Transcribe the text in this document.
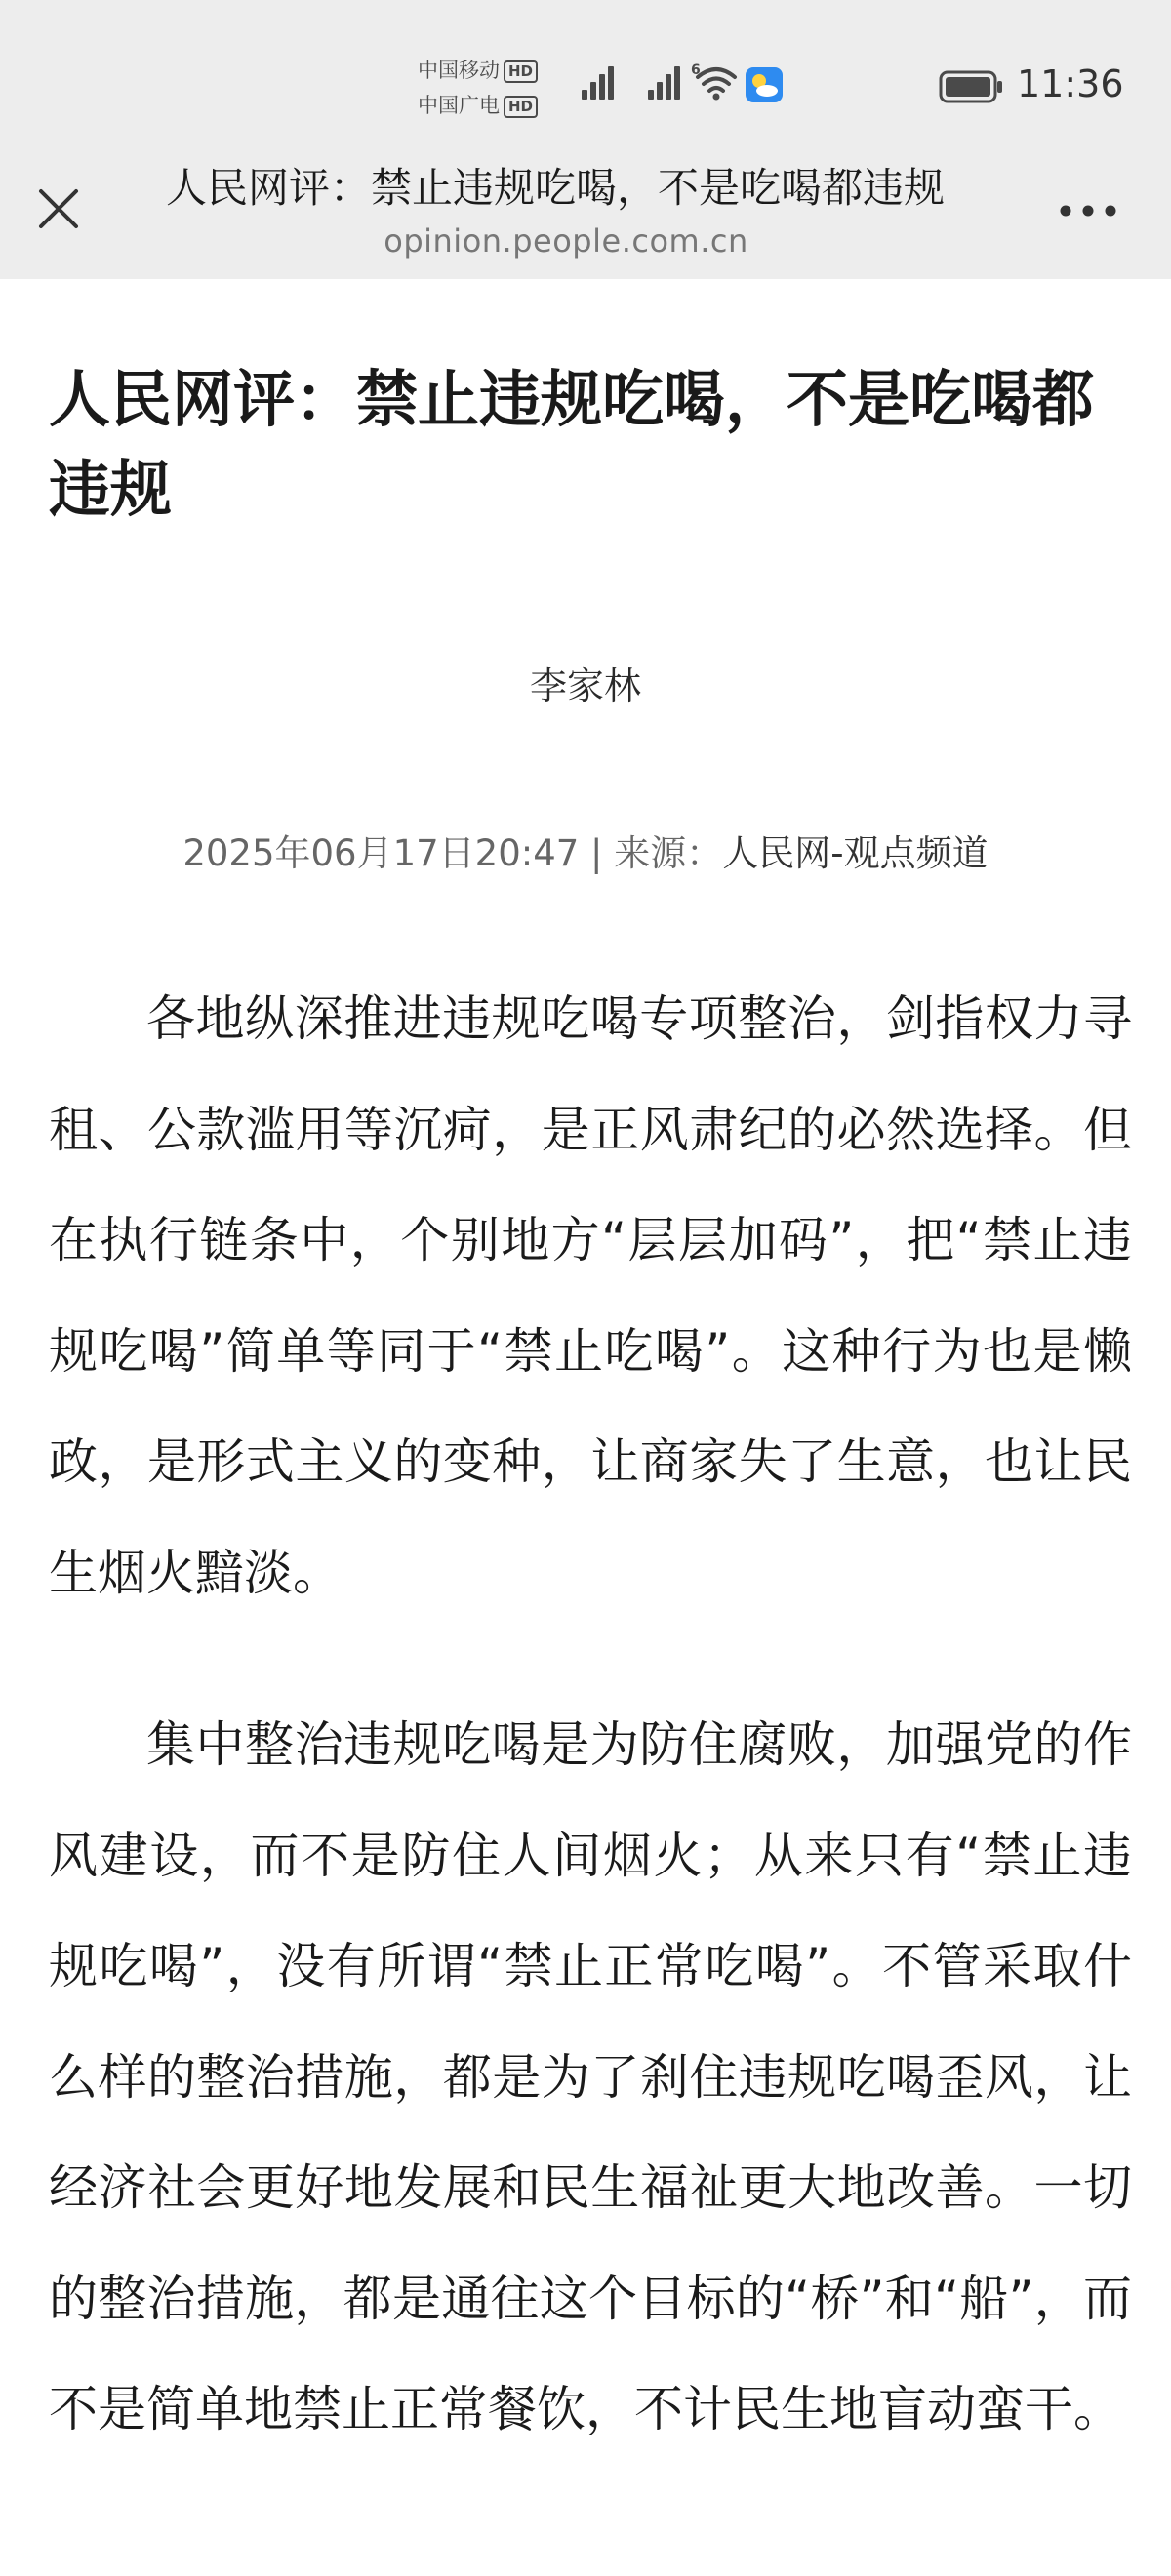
中国移动 HD
中国广电 HD
6	11:36
人民网评：禁止违规吃喝，不是吃喝都违规
opinion.people.com.cn
人民网评：禁止违规吃喝，不是吃喝都违规
李家林
2025年06月17日20:47 | 来源：人民网-观点频道

各地纵深推进违规吃喝专项整治，剑指权力寻租、公款滥用等沉疴，是正风肃纪的必然选择。但在执行链条中，个别地方“层层加码”，把“禁止违规吃喝”简单等同于“禁止吃喝”。这种行为也是懒政，是形式主义的变种，让商家失了生意，也让民生烟火黯淡。

集中整治违规吃喝是为防住腐败，加强党的作风建设，而不是防住人间烟火；从来只有“禁止违规吃喝”，没有所谓“禁止正常吃喝”。不管采取什么样的整治措施，都是为了刹住违规吃喝歪风，让经济社会更好地发展和民生福祉更大地改善。一切的整治措施，都是通往这个目标的“桥”和“船”，而不是简单地禁止正常餐饮，不计民生地盲动蛮干。
